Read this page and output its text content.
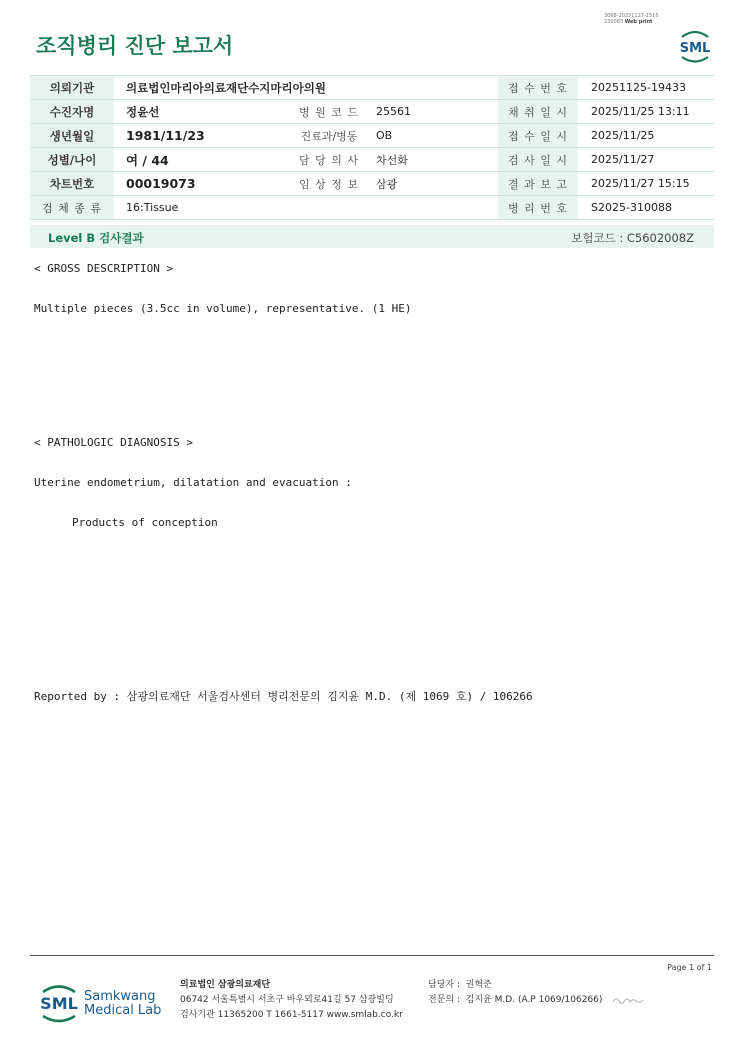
조직병리 진단 보고서
3068-20251127-1515
230083 Web print
SML
의뢰기관	의료법인마리아의료재단수지마리아의원			접 수 번 호	20251125-19433
수진자명	정윤선	병 원 코 드	25561	채 취 일 시	2025/11/25 13:11
생년월일	1981/11/23	진료과/병동	OB	접 수 일 시	2025/11/25
성별/나이	여 / 44	담 당 의 사	차선화	검 사 일 시	2025/11/27
차트번호	00019073	임 상 정 보	삼광	결 과 보 고	2025/11/27 15:15
검 체 종 류	16:Tissue			병 리 번 호	S2025-310088
Level B 검사결과	보험코드 : C5602008Z
< GROSS DESCRIPTION >
Multiple pieces (3.5cc in volume), representative. (1 HE)
< PATHOLOGIC DIAGNOSIS >
Uterine endometrium, dilatation and evacuation :
Products of conception
Reported by : 삼광의료재단 서울검사센터 병리전문의 김지윤 M.D. (제 1069 호) / 106266
Page 1 of 1
SML Samkwang
Medical Lab
의료법인 삼광의료재단
06742 서울특별시 서초구 바우뫼로41길 57 삼광빌딩
검사기관 11365200 T 1661-5117 www.smlab.co.kr
담당자 : 권혁준
전문의 : 김지윤 M.D. (A.P 1069/106266)
